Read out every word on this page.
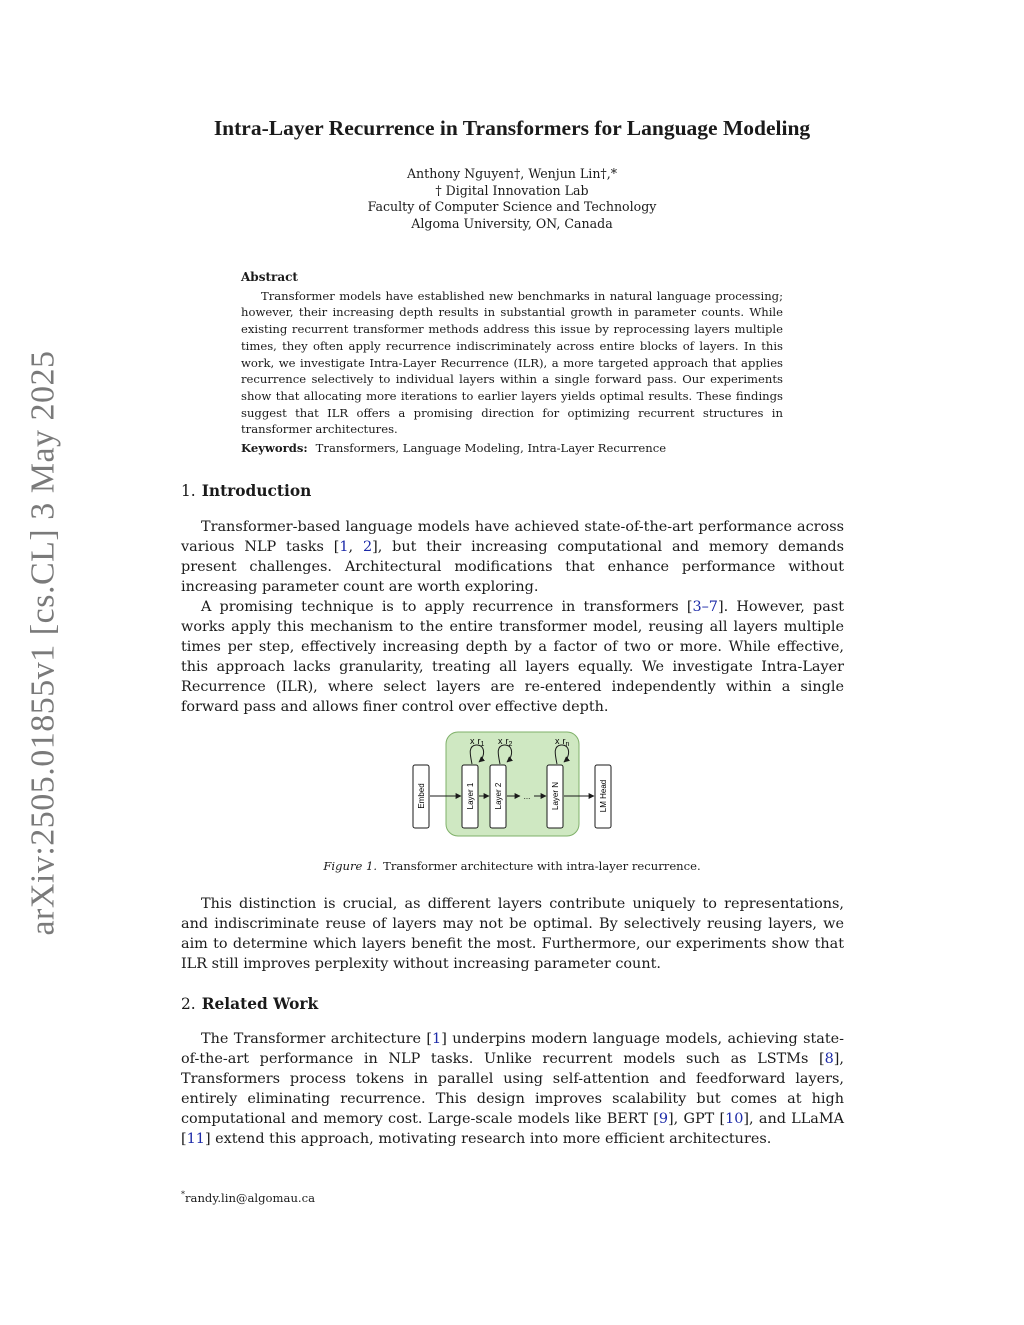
arXiv:2505.01855v1 [cs.CL] 3 May 2025
Intra-Layer Recurrence in Transformers for Language Modeling
Anthony Nguyen†, Wenjun Lin†,*
† Digital Innovation Lab
Faculty of Computer Science and Technology
Algoma University, ON, Canada
Abstract

Transformer models have established new benchmarks in natural language processing; however, their increasing depth results in substantial growth in parameter counts. While existing recurrent transformer methods address this issue by reprocessing layers multiple times, they often apply recurrence indiscriminately across entire blocks of layers. In this work, we investigate Intra-Layer Recurrence (ILR), a more targeted approach that applies recurrence selectively to individual layers within a single forward pass. Our experiments show that allocating more iterations to earlier layers yields optimal results. These findings suggest that ILR offers a promising direction for optimizing recurrent structures in transformer architectures.

Keywords: Transformers, Language Modeling, Intra-Layer Recurrence
1. Introduction

Transformer-based language models have achieved state-of-the-art performance across various NLP tasks [1, 2], but their increasing computational and memory demands present challenges. Architectural modifications that enhance performance without increasing parameter count are worth exploring.

A promising technique is to apply recurrence in transformers [3–7]. However, past works apply this mechanism to the entire transformer model, reusing all layers multiple times per step, effectively increasing depth by a factor of two or more. While effective, this approach lacks granularity, treating all layers equally. We investigate Intra-Layer Recurrence (ILR), where select layers are re-entered independently within a single forward pass and allows finer control over effective depth.

Embed	Layer 1 Layer 2	Layer N	LM Head
...
x $r_1$ x $r_2$	x $r_n$
Figure 1. Transformer architecture with intra-layer recurrence.

This distinction is crucial, as different layers contribute uniquely to representations, and indiscriminate reuse of layers may not be optimal. By selectively reusing layers, we aim to determine which layers benefit the most. Furthermore, our experiments show that ILR still improves perplexity without increasing parameter count.

2. Related Work

The Transformer architecture [1] underpins modern language models, achieving state-of-the-art performance in NLP tasks. Unlike recurrent models such as LSTMs [8], Transformers process tokens in parallel using self-attention and feedforward layers, entirely eliminating recurrence. This design improves scalability but comes at high computational and memory cost. Large-scale models like BERT [9], GPT [10], and LLaMA [11] extend this approach, motivating research into more efficient architectures.

*randy.lin@algomau.ca
